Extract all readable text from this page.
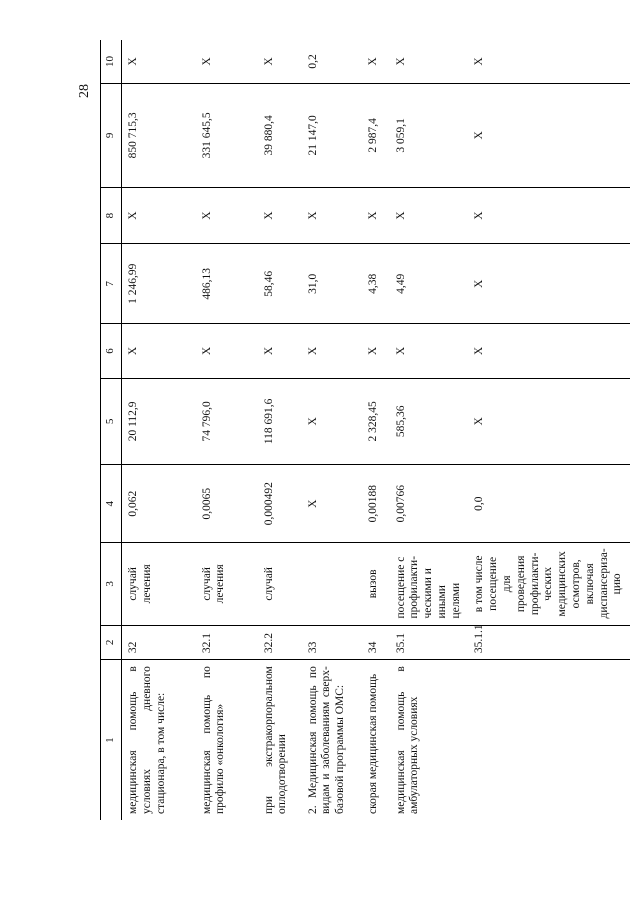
28
1	2	3	4	5	6	7	8	9	10
медицинская помощь в условиях дневного стационара, в том числе:	32	случай лечения	0,062	20 112,9	Х	1 246,99	Х	850 715,3	Х
медицинская помощь по профилю «онкология»	32.1	случай лечения	0,0065	74 796,0	Х	486,13	Х	331 645,5	Х
при экстракорпоральном оплодотворении	32.2	случай	0,000492	118 691,6	Х	58,46	Х	39 880,4	Х
2. Медицинская помощь по видам и заболеваниям сверх-базовой программы ОМС:	33		Х	Х	Х	31,0	Х	21 147,0	0,2
скорая медицинская помощь	34	вызов	0,00188	2 328,45	Х	4,38	Х	2 987,4	Х
медицинская помощь в амбулаторных условиях	35.1	посещение с профилакти-ческими и иными целями	0,00766	585,36	Х	4,49	Х	3 059,1	Х
	35.1.1	в том числе посещение для проведения профилакти-ческих медицинских осмотров, включая диспансериза-цию	0,0	Х	Х	Х	Х	Х	Х
